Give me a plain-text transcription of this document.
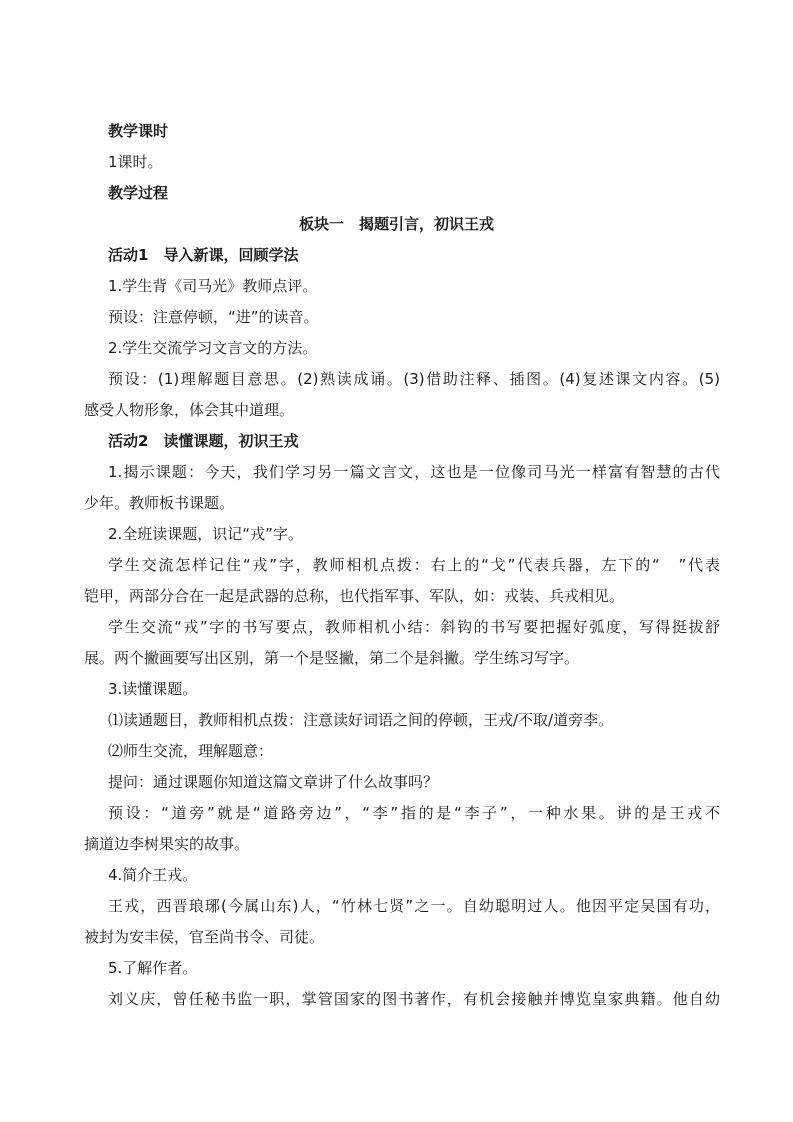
教学课时
1课时。
教学过程
板块一　揭题引言，初识王戎
活动1　导入新课，回顾学法
1.学生背《司马光》教师点评。
预设：注意停顿，“进”的读音。
2.学生交流学习文言文的方法。
预设：(1)理解题目意思。(2)熟读成诵。(3)借助注释、插图。(4)复述课文内容。(5)
感受人物形象，体会其中道理。
活动2　读懂课题，初识王戎
1.揭示课题：今天，我们学习另一篇文言文，这也是一位像司马光一样富有智慧的古代
少年。教师板书课题。
2.全班读课题，识记“戎”字。
学生交流怎样记住“戎”字，教师相机点拨：右上的“戈”代表兵器，左下的“　”代表
铠甲，两部分合在一起是武器的总称，也代指军事、军队，如：戎装、兵戎相见。
学生交流“戎”字的书写要点，教师相机小结：斜钩的书写要把握好弧度，写得挺拔舒
展。两个撇画要写出区别，第一个是竖撇，第二个是斜撇。学生练习写字。
3.读懂课题。
⑴读通题目，教师相机点拨：注意读好词语之间的停顿，王戎/不取/道旁李。
⑵师生交流，理解题意：
提问：通过课题你知道这篇文章讲了什么故事吗？
预设：“道旁”就是“道路旁边”，“李”指的是“李子”，一种水果。讲的是王戎不
摘道边李树果实的故事。
4.简介王戎。
王戎，西晋琅琊(今属山东)人，“竹林七贤”之一。自幼聪明过人。他因平定吴国有功，
被封为安丰侯，官至尚书令、司徒。
5.了解作者。
刘义庆，曾任秘书监一职，掌管国家的图书著作，有机会接触并博览皇家典籍。他自幼
